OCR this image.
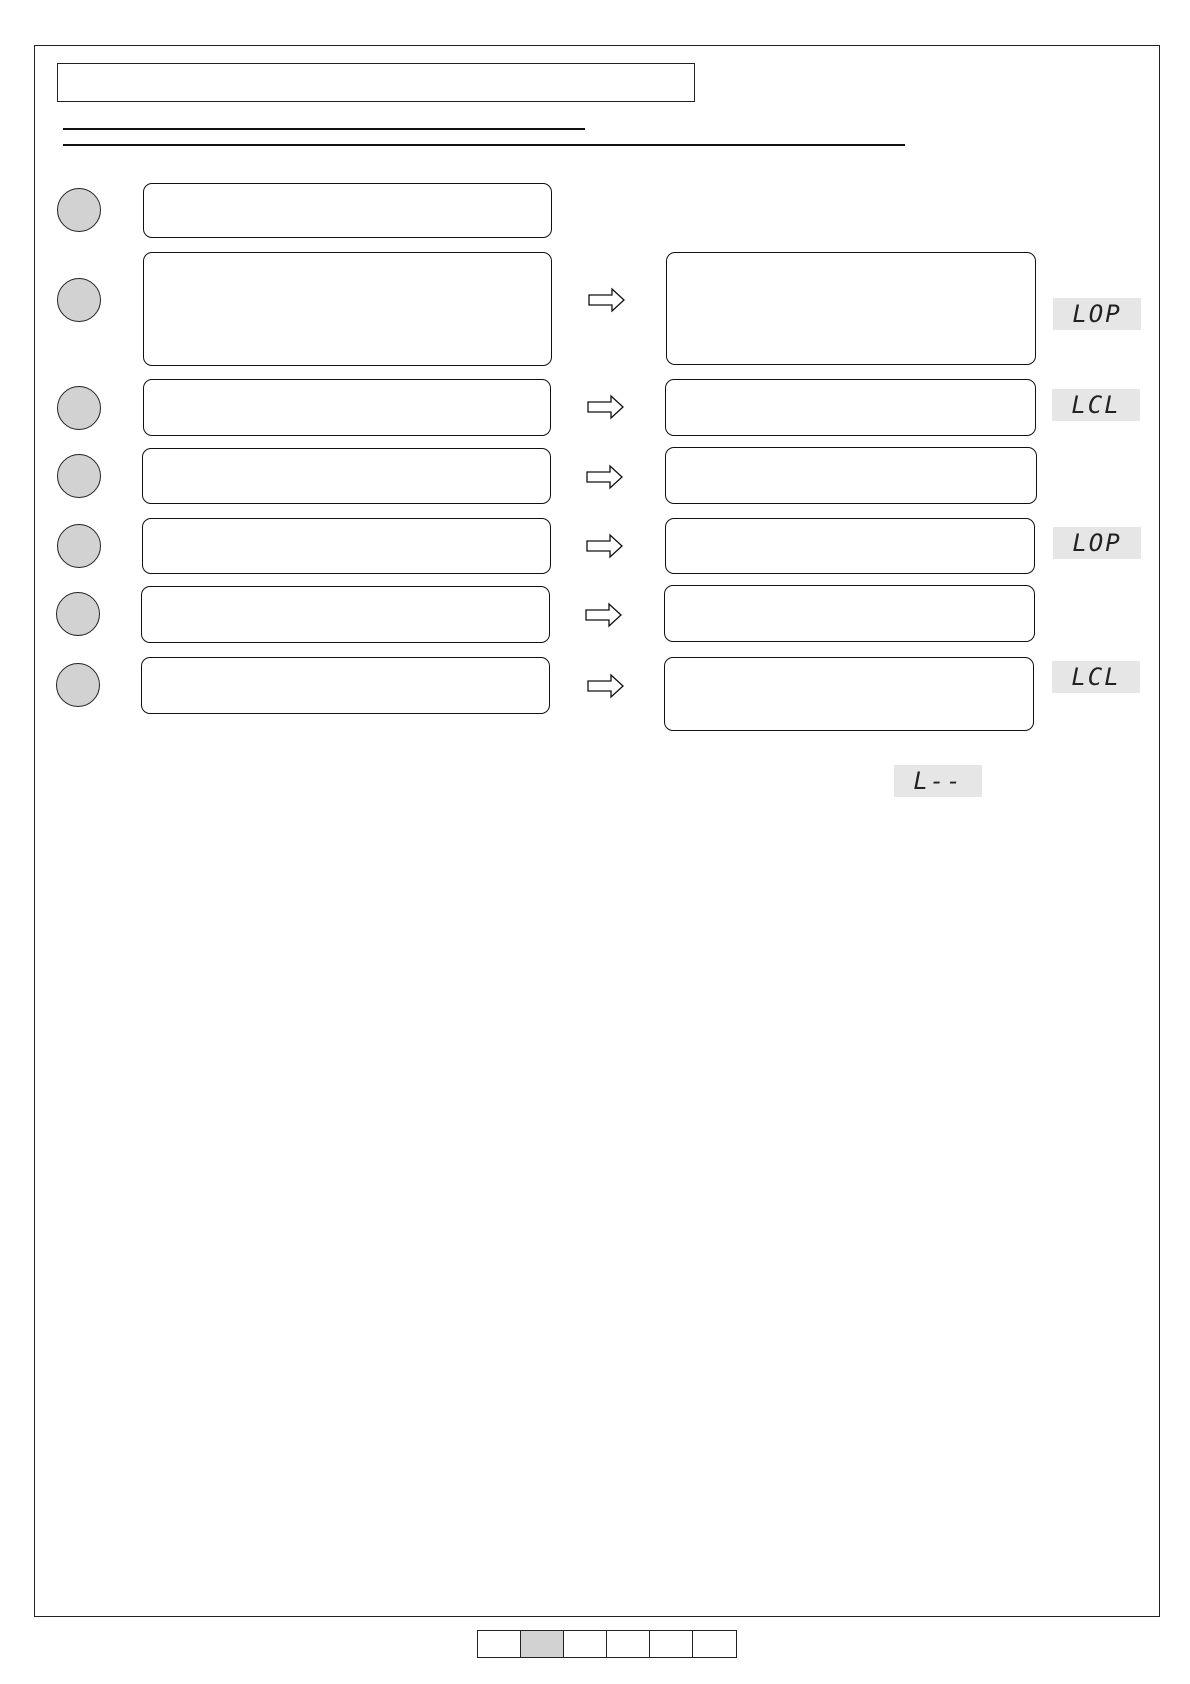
LOP
LCL
LOP
LCL
L--
